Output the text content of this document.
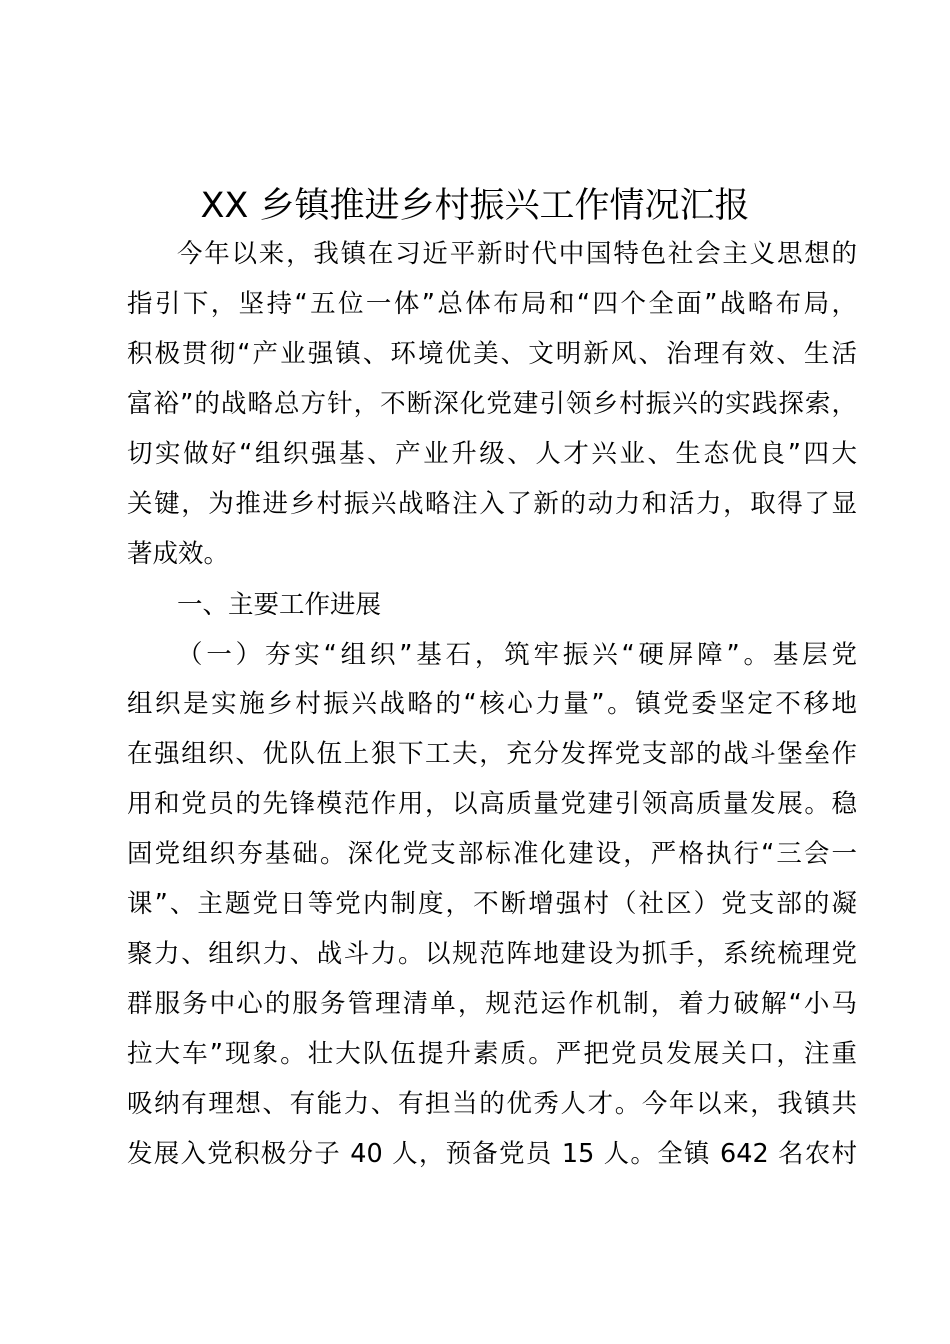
XX 乡镇推进乡村振兴工作情况汇报
今年以来，我镇在习近平新时代中国特色社会主义思想的
指引下，坚持“五位一体”总体布局和“四个全面”战略布局，
积极贯彻“产业强镇、环境优美、文明新风、治理有效、生活
富裕”的战略总方针，不断深化党建引领乡村振兴的实践探索，
切实做好“组织强基、产业升级、人才兴业、生态优良”四大
关键，为推进乡村振兴战略注入了新的动力和活力，取得了显
著成效。
一、主要工作进展
（一）夯实“组织”基石，筑牢振兴“硬屏障”。基层党
组织是实施乡村振兴战略的“核心力量”。镇党委坚定不移地
在强组织、优队伍上狠下工夫，充分发挥党支部的战斗堡垒作
用和党员的先锋模范作用，以高质量党建引领高质量发展。稳
固党组织夯基础。深化党支部标准化建设，严格执行“三会一
课”、主题党日等党内制度，不断增强村（社区）党支部的凝
聚力、组织力、战斗力。以规范阵地建设为抓手，系统梳理党
群服务中心的服务管理清单，规范运作机制，着力破解“小马
拉大车”现象。壮大队伍提升素质。严把党员发展关口，注重
吸纳有理想、有能力、有担当的优秀人才。今年以来，我镇共
发展入党积极分子 40 人，预备党员 15 人。全镇 642 名农村
